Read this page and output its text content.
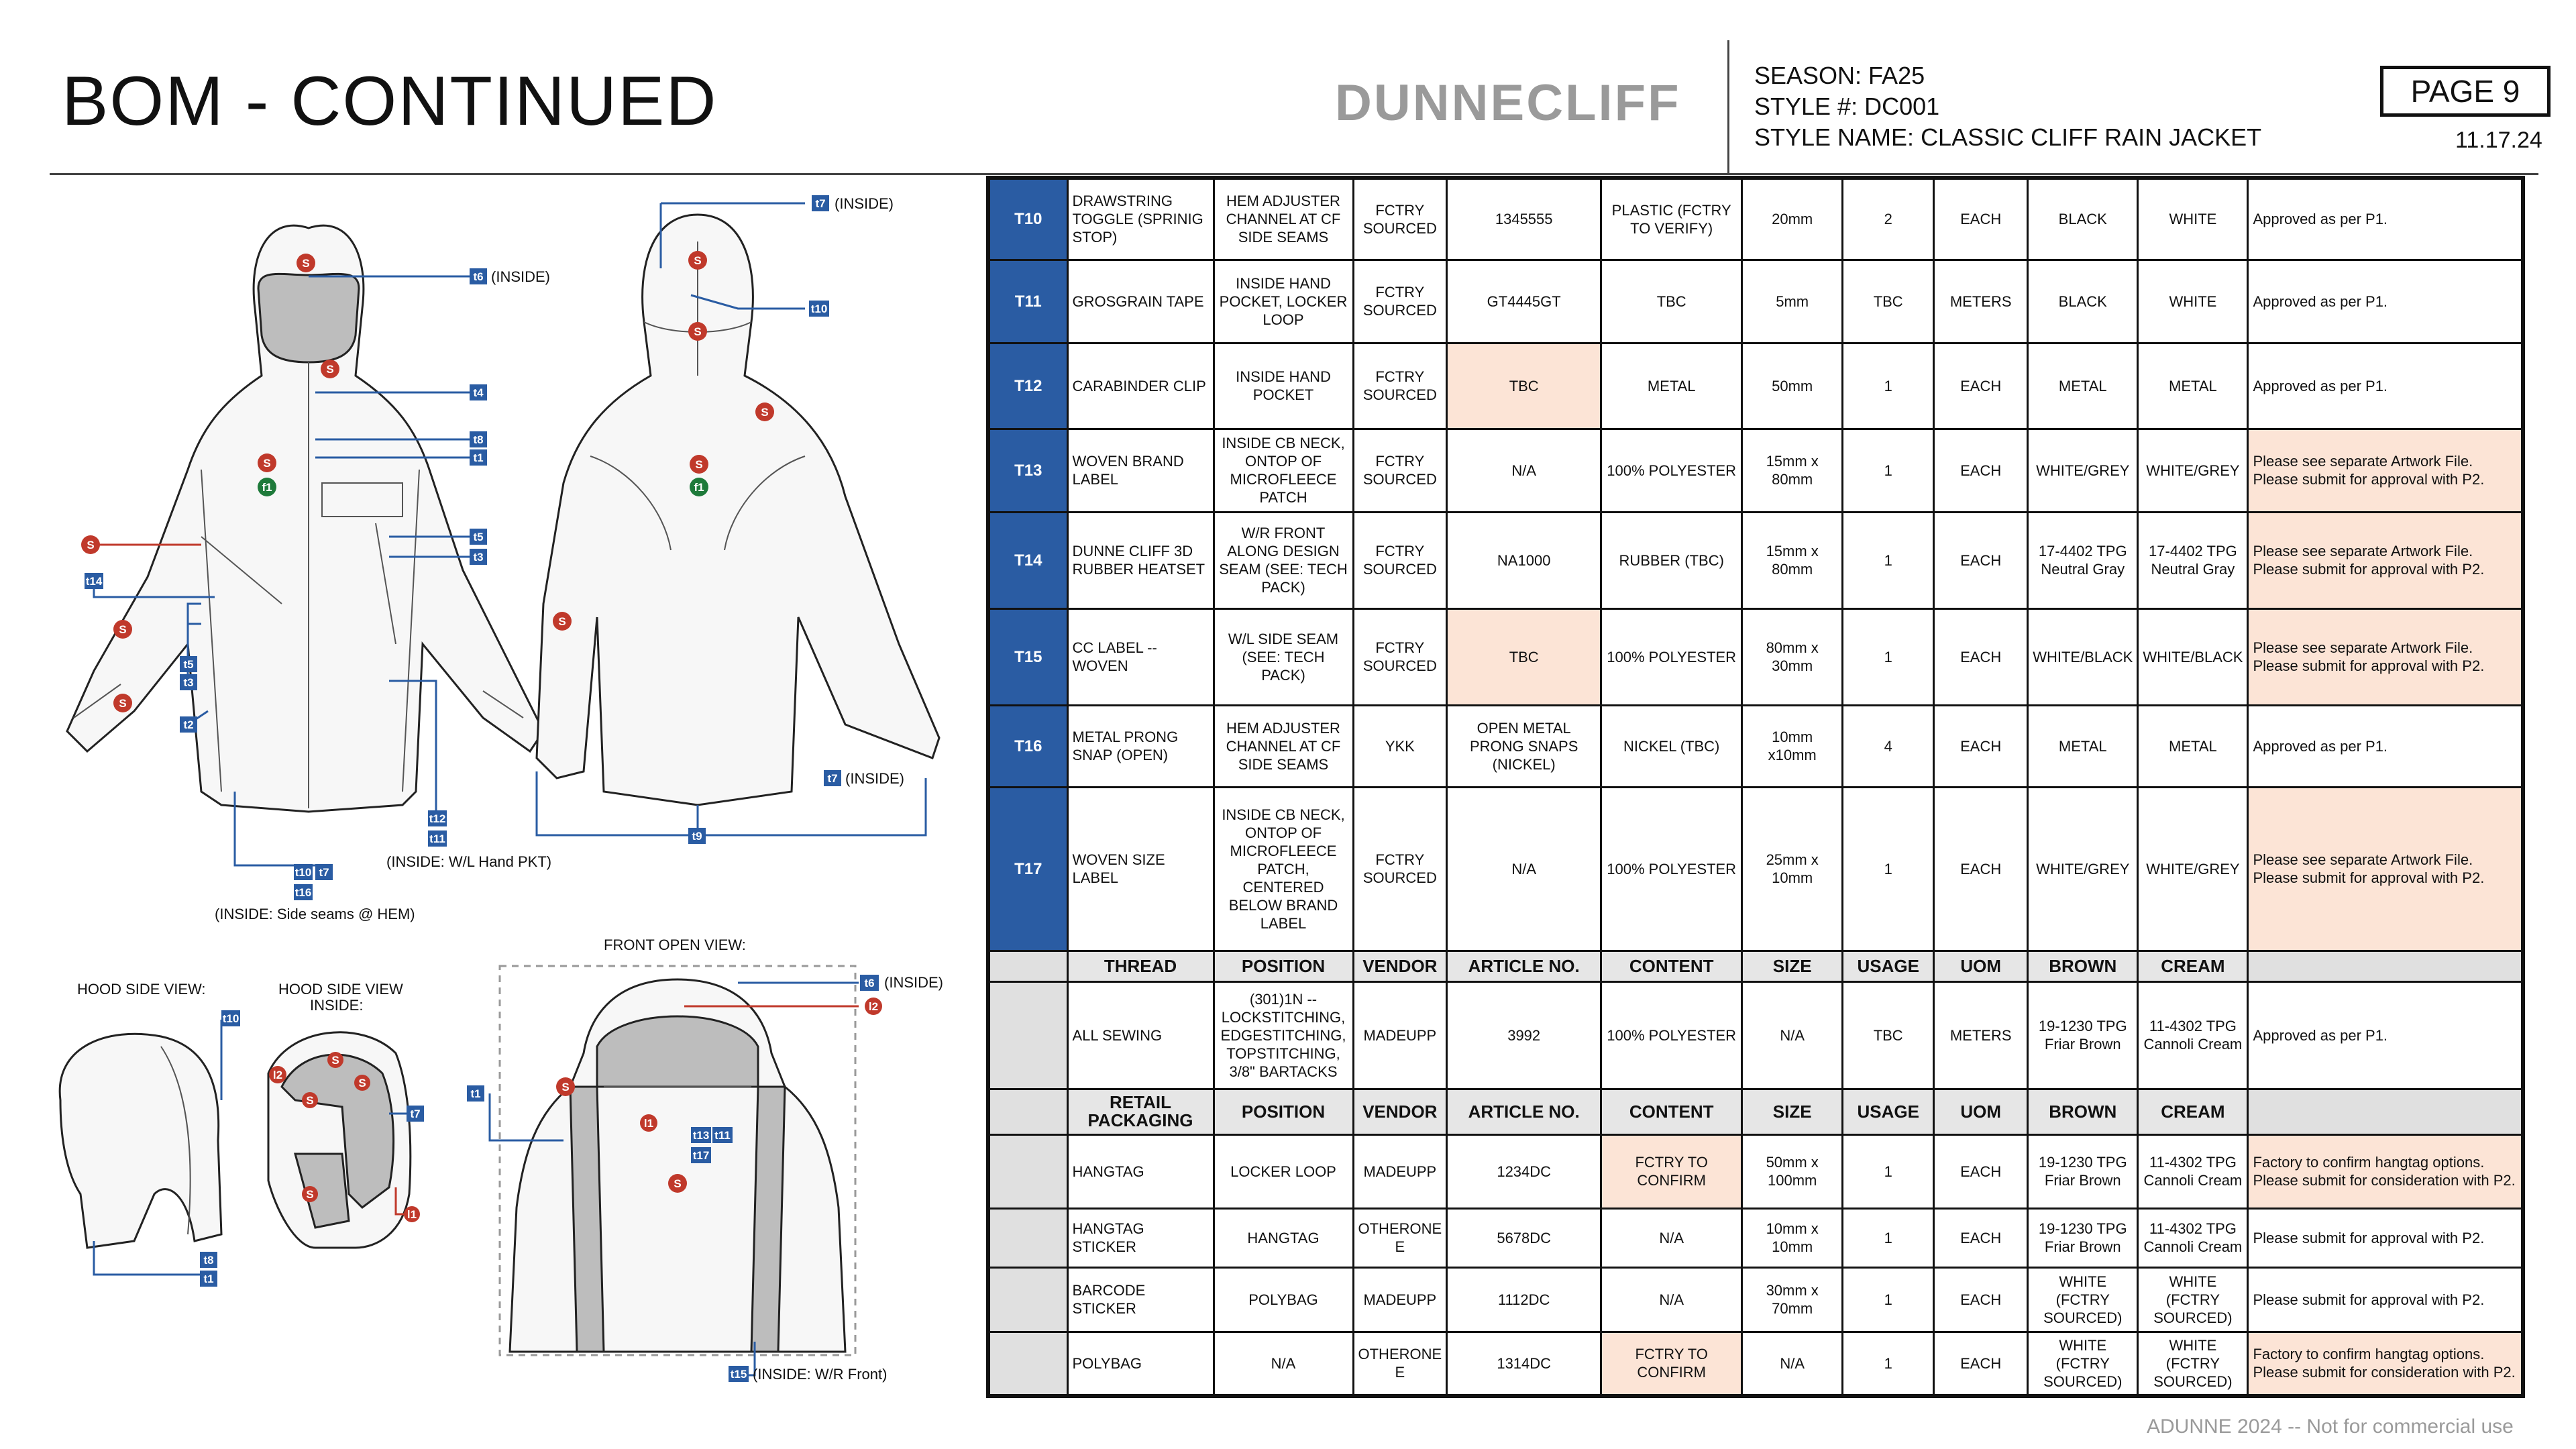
BOM - CONTINUED	DUNNECLIFF	SEASON: FA25
STYLE #: DC001
STYLE NAME: CLASSIC CLIFF RAIN JACKET
PAGE 9
11.17.24
S
S
S
f1
S
S
S
S
S
S
S
f1
S
l2
S
S
S
S
l1
S
l1
S
l2
t6 (INSIDE)
t4
t8
t1
t5
t3
t14
t5
t3
t2
t12
t11
t10 t7
t16
(INSIDE: W/L Hand PKT)
(INSIDE: Side seams @ HEM)
t7 (INSIDE)
t10
t9
t7 (INSIDE)
HOOD SIDE VIEW:	HOOD SIDE VIEW
INSIDE:
t10
t7
t8
t1
FRONT OPEN VIEW:
t6 (INSIDE)
t1
t13 t11
t17
t15 (INSIDE: W/R Front)
T10	DRAWSTRING TOGGLE (SPRINIG STOP)	HEM ADJUSTER CHANNEL AT CF SIDE SEAMS	FCTRY SOURCED	1345555	PLASTIC (FCTRY TO VERIFY)	20mm	2	EACH	BLACK	WHITE	Approved as per P1.
T11	GROSGRAIN TAPE	INSIDE HAND POCKET, LOCKER LOOP	FCTRY SOURCED	GT4445GT	TBC	5mm	TBC	METERS	BLACK	WHITE	Approved as per P1.
T12	CARABINDER CLIP	INSIDE HAND POCKET	FCTRY SOURCED	TBC	METAL	50mm	1	EACH	METAL	METAL	Approved as per P1.
T13	WOVEN BRAND LABEL	INSIDE CB NECK, ONTOP OF MICROFLEECE PATCH	FCTRY SOURCED	N/A	100% POLYESTER	15mm x 80mm	1	EACH	WHITE/GREY	WHITE/GREY	Please see separate Artwork File. Please submit for approval with P2.
T14	DUNNE CLIFF 3D RUBBER HEATSET	W/R FRONT ALONG DESIGN SEAM (SEE: TECH PACK)	FCTRY SOURCED	NA1000	RUBBER (TBC)	15mm x 80mm	1	EACH	17-4402 TPG Neutral Gray	17-4402 TPG Neutral Gray	Please see separate Artwork File. Please submit for approval with P2.
T15	CC LABEL -- WOVEN	W/L SIDE SEAM (SEE: TECH PACK)	FCTRY SOURCED	TBC	100% POLYESTER	80mm x 30mm	1	EACH	WHITE/BLACK	WHITE/BLACK	Please see separate Artwork File. Please submit for approval with P2.
T16	METAL PRONG SNAP (OPEN)	HEM ADJUSTER CHANNEL AT CF SIDE SEAMS	YKK	OPEN METAL PRONG SNAPS (NICKEL)	NICKEL (TBC)	10mm x10mm	4	EACH	METAL	METAL	Approved as per P1.
T17	WOVEN SIZE LABEL	INSIDE CB NECK, ONTOP OF MICROFLEECE PATCH, CENTERED BELOW BRAND LABEL	FCTRY SOURCED	N/A	100% POLYESTER	25mm x 10mm	1	EACH	WHITE/GREY	WHITE/GREY	Please see separate Artwork File. Please submit for approval with P2.
	THREAD	POSITION	VENDOR	ARTICLE NO.	CONTENT	SIZE	USAGE	UOM	BROWN	CREAM	
	ALL SEWING	(301)1N -- LOCKSTITCHING, EDGESTITCHING, TOPSTITCHING, 3/8" BARTACKS	MADEUPP	3992	100% POLYESTER	N/A	TBC	METERS	19-1230 TPG Friar Brown	11-4302 TPG Cannoli Cream	Approved as per P1.
	RETAIL PACKAGING	POSITION	VENDOR	ARTICLE NO.	CONTENT	SIZE	USAGE	UOM	BROWN	CREAM	
	HANGTAG	LOCKER LOOP	MADEUPP	1234DC	FCTRY TO CONFIRM	50mm x 100mm	1	EACH	19-1230 TPG Friar Brown	11-4302 TPG Cannoli Cream	Factory to confirm hangtag options. Please submit for consideration with P2.
	HANGTAG STICKER	HANGTAG	OTHERONE E	5678DC	N/A	10mm x 10mm	1	EACH	19-1230 TPG Friar Brown	11-4302 TPG Cannoli Cream	Please submit for approval with P2.
	BARCODE STICKER	POLYBAG	MADEUPP	1112DC	N/A	30mm x 70mm	1	EACH	WHITE (FCTRY SOURCED)	WHITE (FCTRY SOURCED)	Please submit for approval with P2.
	POLYBAG	N/A	OTHERONE E	1314DC	FCTRY TO CONFIRM	N/A	1	EACH	WHITE (FCTRY SOURCED)	WHITE (FCTRY SOURCED)	Factory to confirm hangtag options. Please submit for consideration with P2.
ADUNNE 2024 -- Not for commercial use
